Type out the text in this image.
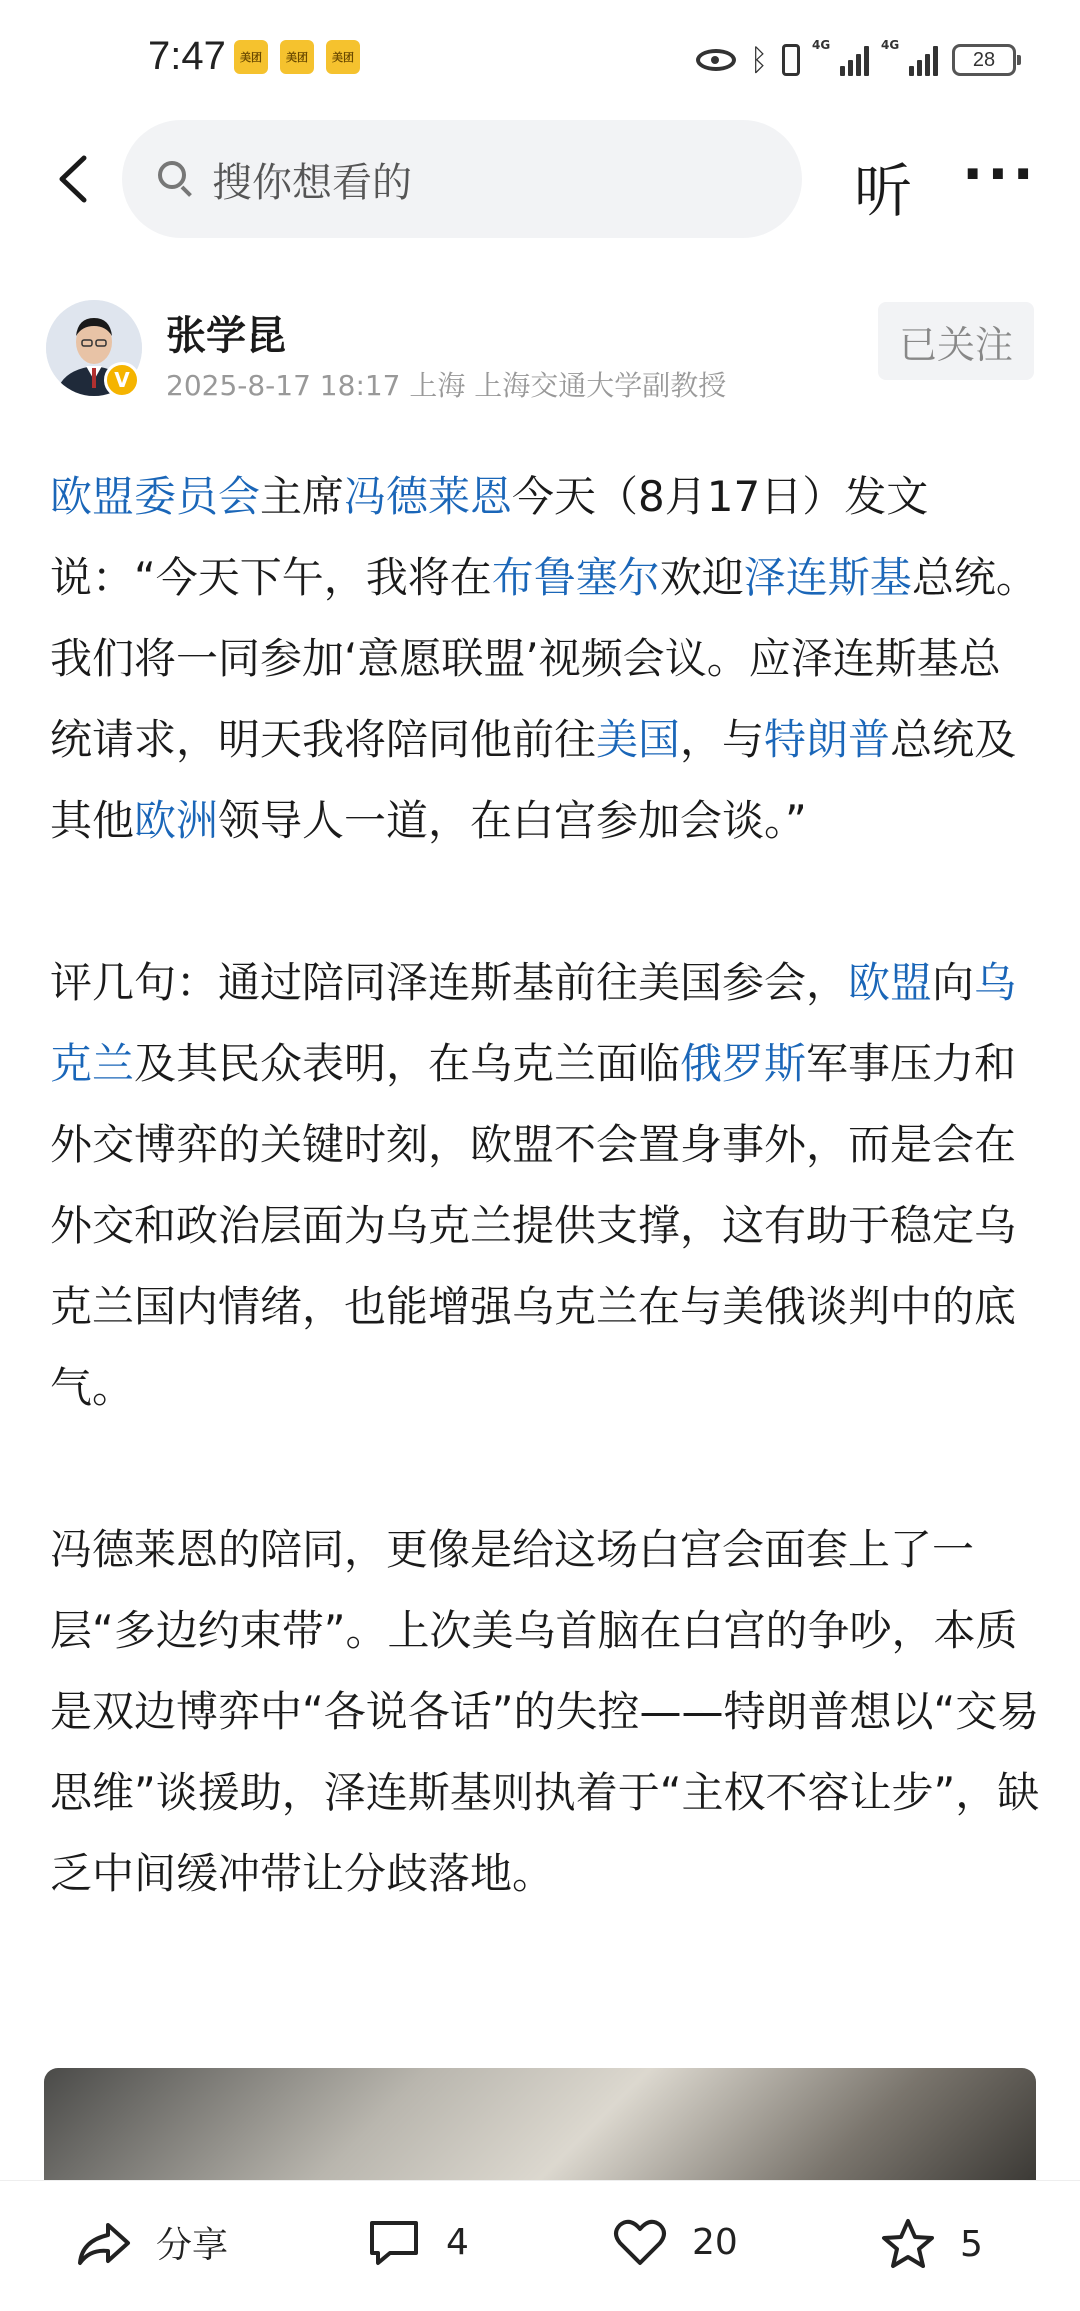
7:47	美团	美团	美团	ᛒ	4G	4G
28
搜你想看的	听 ···
V
张学昆
2025-8-17 18:17 上海 上海交通大学副教授
已关注

欧盟委员会主席冯德莱恩今天（8月17日）发文说：“今天下午，我将在布鲁塞尔欢迎泽连斯基总统。我们将一同参加‘意愿联盟’视频会议。应泽连斯基总统请求，明天我将陪同他前往美国，与特朗普总统及其他欧洲领导人一道，在白宫参加会谈。”

评几句：通过陪同泽连斯基前往美国参会，欧盟向乌克兰及其民众表明，在乌克兰面临俄罗斯军事压力和外交博弈的关键时刻，欧盟不会置身事外，而是会在外交和政治层面为乌克兰提供支撑，这有助于稳定乌克兰国内情绪，也能增强乌克兰在与美俄谈判中的底气。

冯德莱恩的陪同，更像是给这场白宫会面套上了一层“多边约束带”。上次美乌首脑在白宫的争吵，本质是双边博弈中“各说各话”的失控——特朗普想以“交易思维”谈援助，泽连斯基则执着于“主权不容让步”，缺乏中间缓冲带让分歧落地。

分享	4	20	5
